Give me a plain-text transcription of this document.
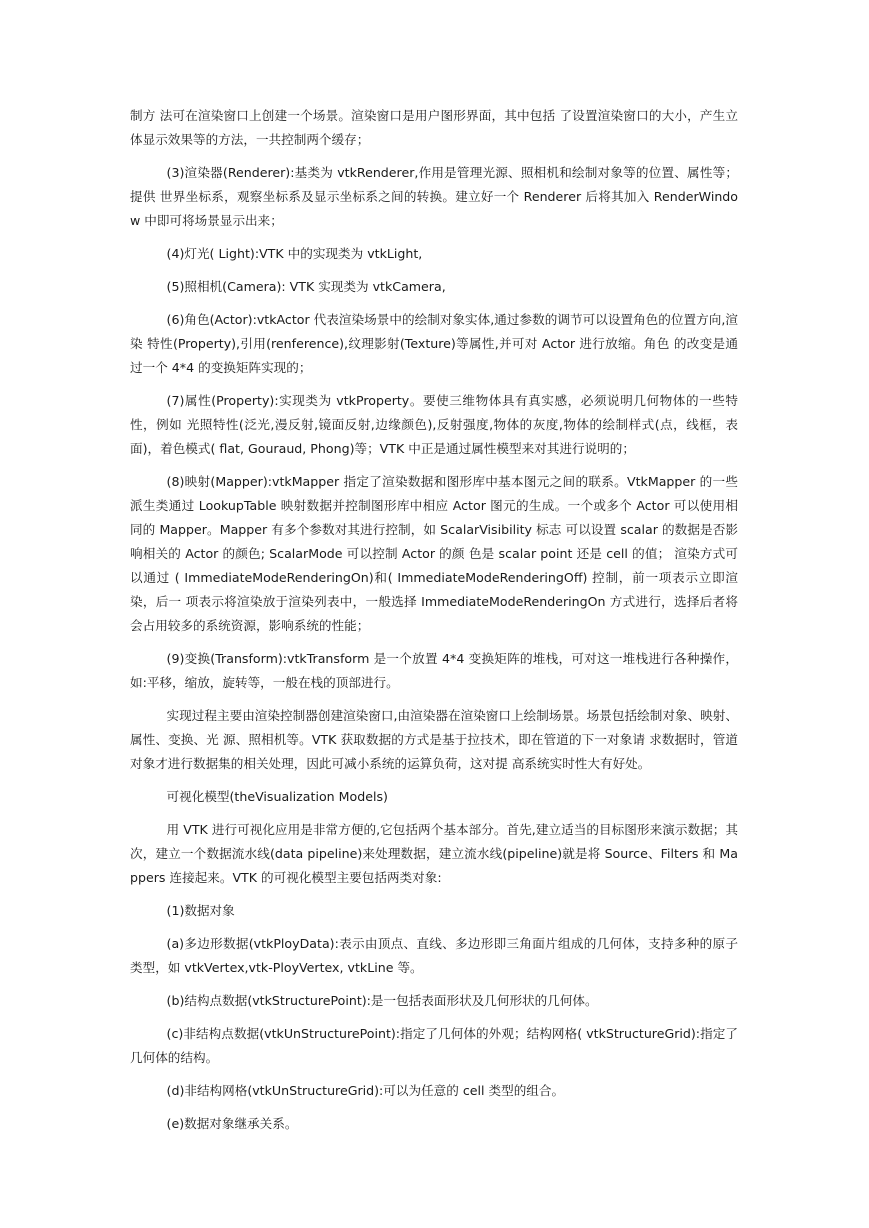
制方 法可在渲染窗口上创建一个场景。渲染窗口是用户图形界面，其中包括 了设置渲染窗口的大小，产生立体显示效果等的方法，一共控制两个缓存；

(3)渲染器(Renderer):基类为 vtkRenderer,作用是管理光源、照相机和绘制对象等的位置、属性等；提供 世界坐标系，观察坐标系及显示坐标系之间的转换。建立好一个 Renderer 后将其加入 RenderWindow 中即可将场景显示出来；

(4)灯光( Light):VTK 中的实现类为 vtkLight,

(5)照相机(Camera): VTK 实现类为 vtkCamera,

(6)角色(Actor):vtkActor 代表渲染场景中的绘制对象实体,通过参数的调节可以设置角色的位置方向,渲染 特性(Property),引用(renference),纹理影射(Texture)等属性,并可对 Actor 进行放缩。角色 的改变是通过一个 4*4 的变换矩阵实现的；

(7)属性(Property):实现类为 vtkProperty。要使三维物体具有真实感，必须说明几何物体的一些特性，例如 光照特性(泛光,漫反射,镜面反射,边缘颜色),反射强度,物体的灰度,物体的绘制样式(点，线框，表面)，着色模式( flat, Gouraud, Phong)等；VTK 中正是通过属性模型来对其进行说明的；

(8)映射(Mapper):vtkMapper 指定了渲染数据和图形库中基本图元之间的联系。VtkMapper 的一些派生类通过 LookupTable 映射数据并控制图形库中相应 Actor 图元的生成。一个或多个 Actor 可以使用相同的 Mapper。Mapper 有多个参数对其进行控制，如 ScalarVisibility 标志 可以设置 scalar 的数据是否影响相关的 Actor 的颜色; ScalarMode 可以控制 Actor 的颜 色是 scalar point 还是 cell 的值； 渲染方式可以通过 ( ImmediateModeRenderingOn)和( ImmediateModeRenderingOff) 控制，前一项表示立即渲染，后一 项表示将渲染放于渲染列表中，一般选择 ImmediateModeRenderingOn 方式进行，选择后者将会占用较多的系统资源，影响系统的性能；

(9)变换(Transform):vtkTransform 是一个放置 4*4 变换矩阵的堆栈，可对这一堆栈进行各种操作，如:平移，缩放，旋转等，一般在栈的顶部进行。

实现过程主要由渲染控制器创建渲染窗口,由渲染器在渲染窗口上绘制场景。场景包括绘制对象、映射、属性、变换、光 源、照相机等。VTK 获取数据的方式是基于拉技术，即在管道的下一对象请 求数据时，管道对象才进行数据集的相关处理，因此可减小系统的运算负荷，这对提 高系统实时性大有好处。

可视化模型(theVisualization Models)

用 VTK 进行可视化应用是非常方便的,它包括两个基本部分。首先,建立适当的目标图形来演示数据；其次，建立一个数据流水线(data pipeline)来处理数据，建立流水线(pipeline)就是将 Source、Filters 和 Mappers 连接起来。VTK 的可视化模型主要包括两类对象:

(1)数据对象

(a)多边形数据(vtkPloyData):表示由顶点、直线、多边形即三角面片组成的几何体，支持多种的原子类型，如 vtkVertex,vtk-PloyVertex, vtkLine 等。

(b)结构点数据(vtkStructurePoint):是一包括表面形状及几何形状的几何体。

(c)非结构点数据(vtkUnStructurePoint):指定了几何体的外观；结构网格( vtkStructureGrid):指定了几何体的结构。

(d)非结构网格(vtkUnStructureGrid):可以为任意的 cell 类型的组合。

(e)数据对象继承关系。
